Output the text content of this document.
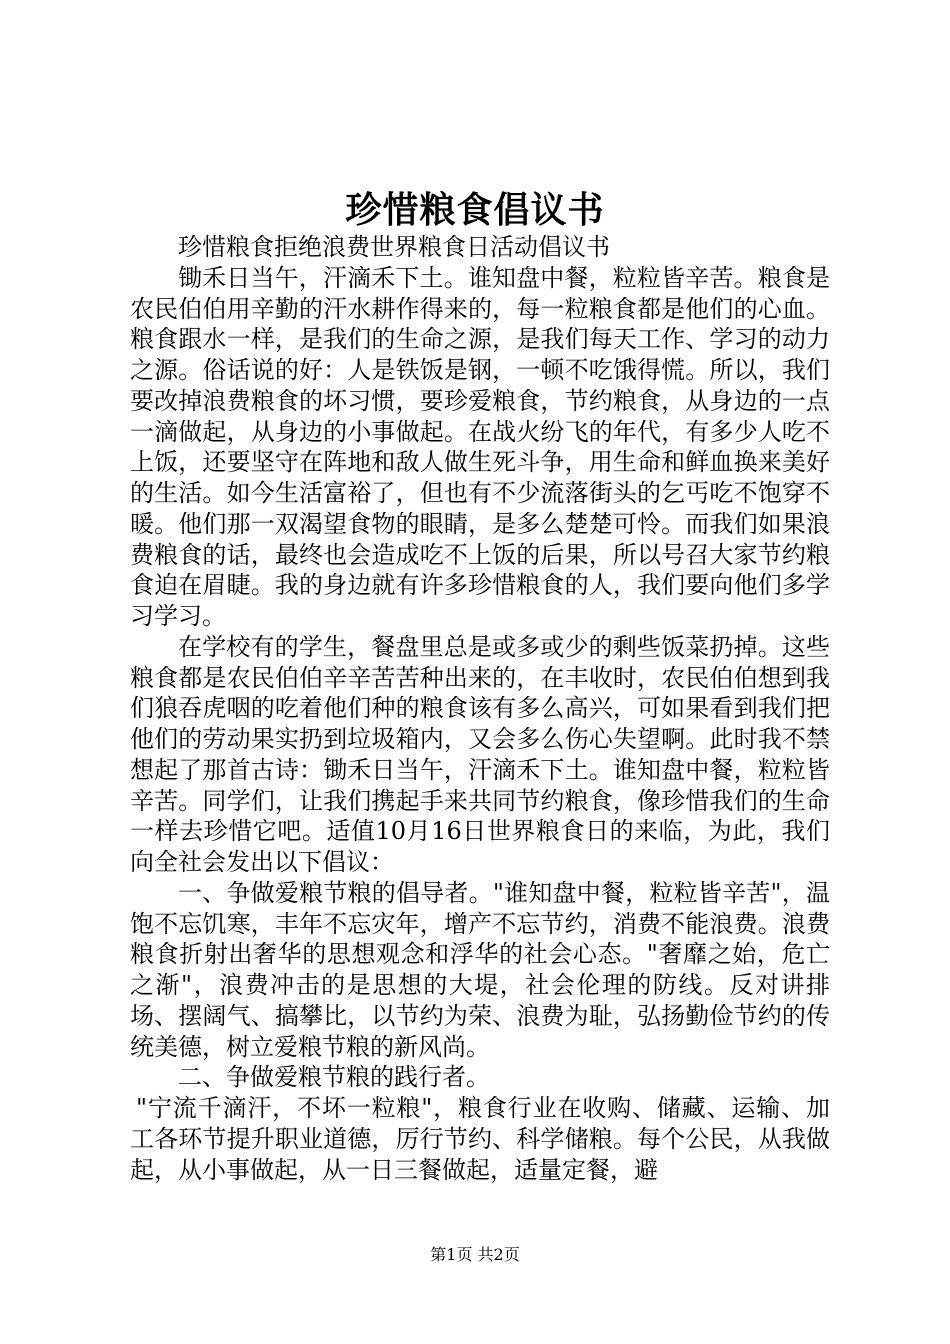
珍惜粮食倡议书

珍惜粮食拒绝浪费世界粮食日活动倡议书

锄禾日当午，汗滴禾下土。谁知盘中餐，粒粒皆辛苦。粮食是农民伯伯用辛勤的汗水耕作得来的，每一粒粮食都是他们的心血。粮食跟水一样，是我们的生命之源，是我们每天工作、学习的动力之源。俗话说的好：人是铁饭是钢，一顿不吃饿得慌。所以，我们要改掉浪费粮食的坏习惯，要珍爱粮食，节约粮食，从身边的一点一滴做起，从身边的小事做起。在战火纷飞的年代，有多少人吃不上饭，还要坚守在阵地和敌人做生死斗争，用生命和鲜血换来美好的生活。如今生活富裕了，但也有不少流落街头的乞丐吃不饱穿不暖。他们那一双渴望食物的眼睛，是多么楚楚可怜。而我们如果浪费粮食的话，最终也会造成吃不上饭的后果，所以号召大家节约粮食迫在眉睫。我的身边就有许多珍惜粮食的人，我们要向他们多学习学习。

在学校有的学生，餐盘里总是或多或少的剩些饭菜扔掉。这些粮食都是农民伯伯辛辛苦苦种出来的，在丰收时，农民伯伯想到我们狼吞虎咽的吃着他们种的粮食该有多么高兴，可如果看到我们把他们的劳动果实扔到垃圾箱内，又会多么伤心失望啊。此时我不禁想起了那首古诗：锄禾日当午，汗滴禾下土。谁知盘中餐，粒粒皆辛苦。同学们，让我们携起手来共同节约粮食，像珍惜我们的生命一样去珍惜它吧。适值10月16日世界粮食日的来临，为此，我们向全社会发出以下倡议：

一、争做爱粮节粮的倡导者。"谁知盘中餐，粒粒皆辛苦"，温饱不忘饥寒，丰年不忘灾年，增产不忘节约，消费不能浪费。浪费粮食折射出奢华的思想观念和浮华的社会心态。"奢靡之始，危亡之渐"，浪费冲击的是思想的大堤，社会伦理的防线。反对讲排场、摆阔气、搞攀比，以节约为荣、浪费为耻，弘扬勤俭节约的传统美德，树立爱粮节粮的新风尚。

二、争做爱粮节粮的践行者。

"宁流千滴汗，不坏一粒粮"，粮食行业在收购、储藏、运输、加工各环节提升职业道德，厉行节约、科学储粮。每个公民，从我做起，从小事做起，从一日三餐做起，适量定餐，避

第1页 共2页
